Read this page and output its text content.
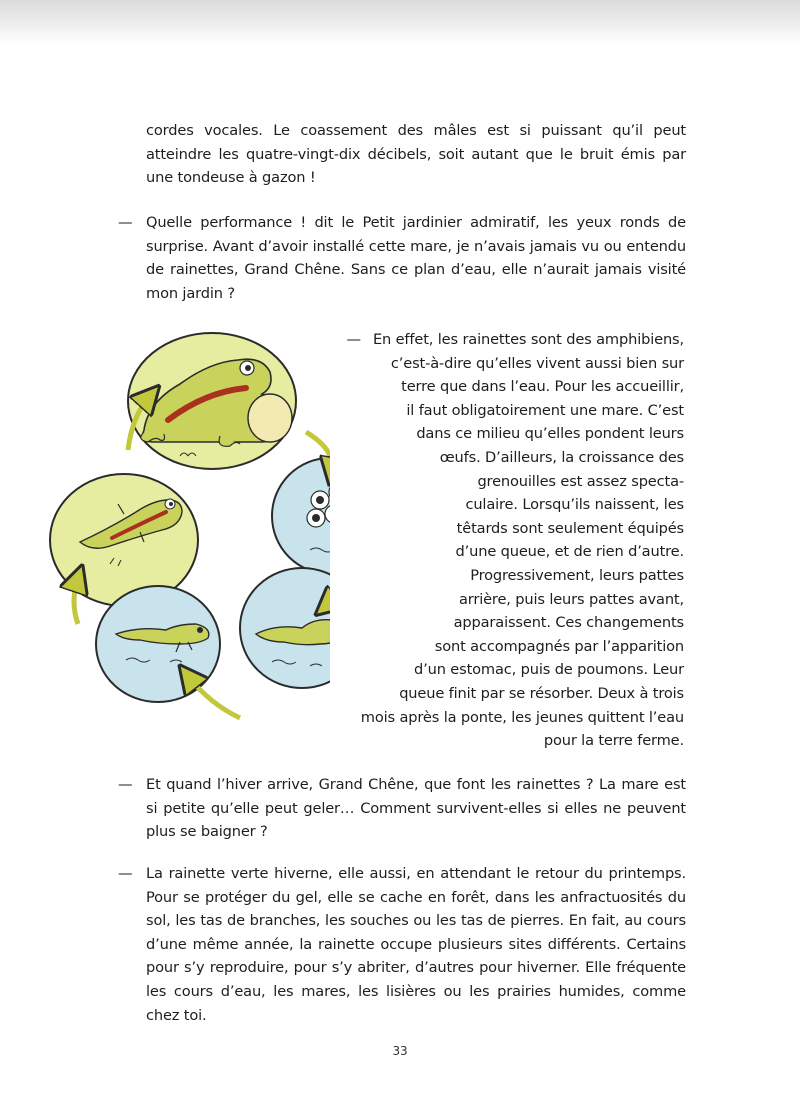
cordes vocales. Le coassement des mâles est si puissant qu’il peut atteindre les quatre-vingt-dix décibels, soit autant que le bruit émis par une tondeuse à gazon !

— Quelle performance ! dit le Petit jardinier admiratif, les yeux ronds de surprise. Avant d’avoir installé cette mare, je n’avais jamais vu ou entendu de rainettes, Grand Chêne. Sans ce plan d’eau, elle n’aurait jamais visité mon jardin ?

— En effet, les rainettes sont des amphibiens,
c’est-à-dire qu’elles vivent aussi bien sur
terre que dans l’eau. Pour les accueillir,
il faut obligatoirement une mare. C’est
dans ce milieu qu’elles pondent leurs
œufs. D’ailleurs, la croissance des
grenouilles est assez specta-
culaire. Lorsqu’ils naissent, les
têtards sont seulement équipés
d’une queue, et de rien d’autre.
Progressivement, leurs pattes
arrière, puis leurs pattes avant,
apparaissent. Ces changements
sont accompagnés par l’apparition
d’un estomac, puis de poumons. Leur
queue finit par se résorber. Deux à trois
mois après la ponte, les jeunes quittent l’eau
pour la terre ferme.
— Et quand l’hiver arrive, Grand Chêne, que font les rainettes ? La mare est si petite qu’elle peut geler… Comment survivent-elles si elles ne peuvent plus se baigner ?

— La rainette verte hiverne, elle aussi, en attendant le retour du printemps. Pour se protéger du gel, elle se cache en forêt, dans les anfractuosités du sol, les tas de branches, les souches ou les tas de pierres. En fait, au cours d’une même année, la rainette occupe plusieurs sites différents. Certains pour s’y reproduire, pour s’y abriter, d’autres pour hiverner. Elle fréquente les cours d’eau, les mares, les lisières ou les prairies humides, comme chez toi.

33
